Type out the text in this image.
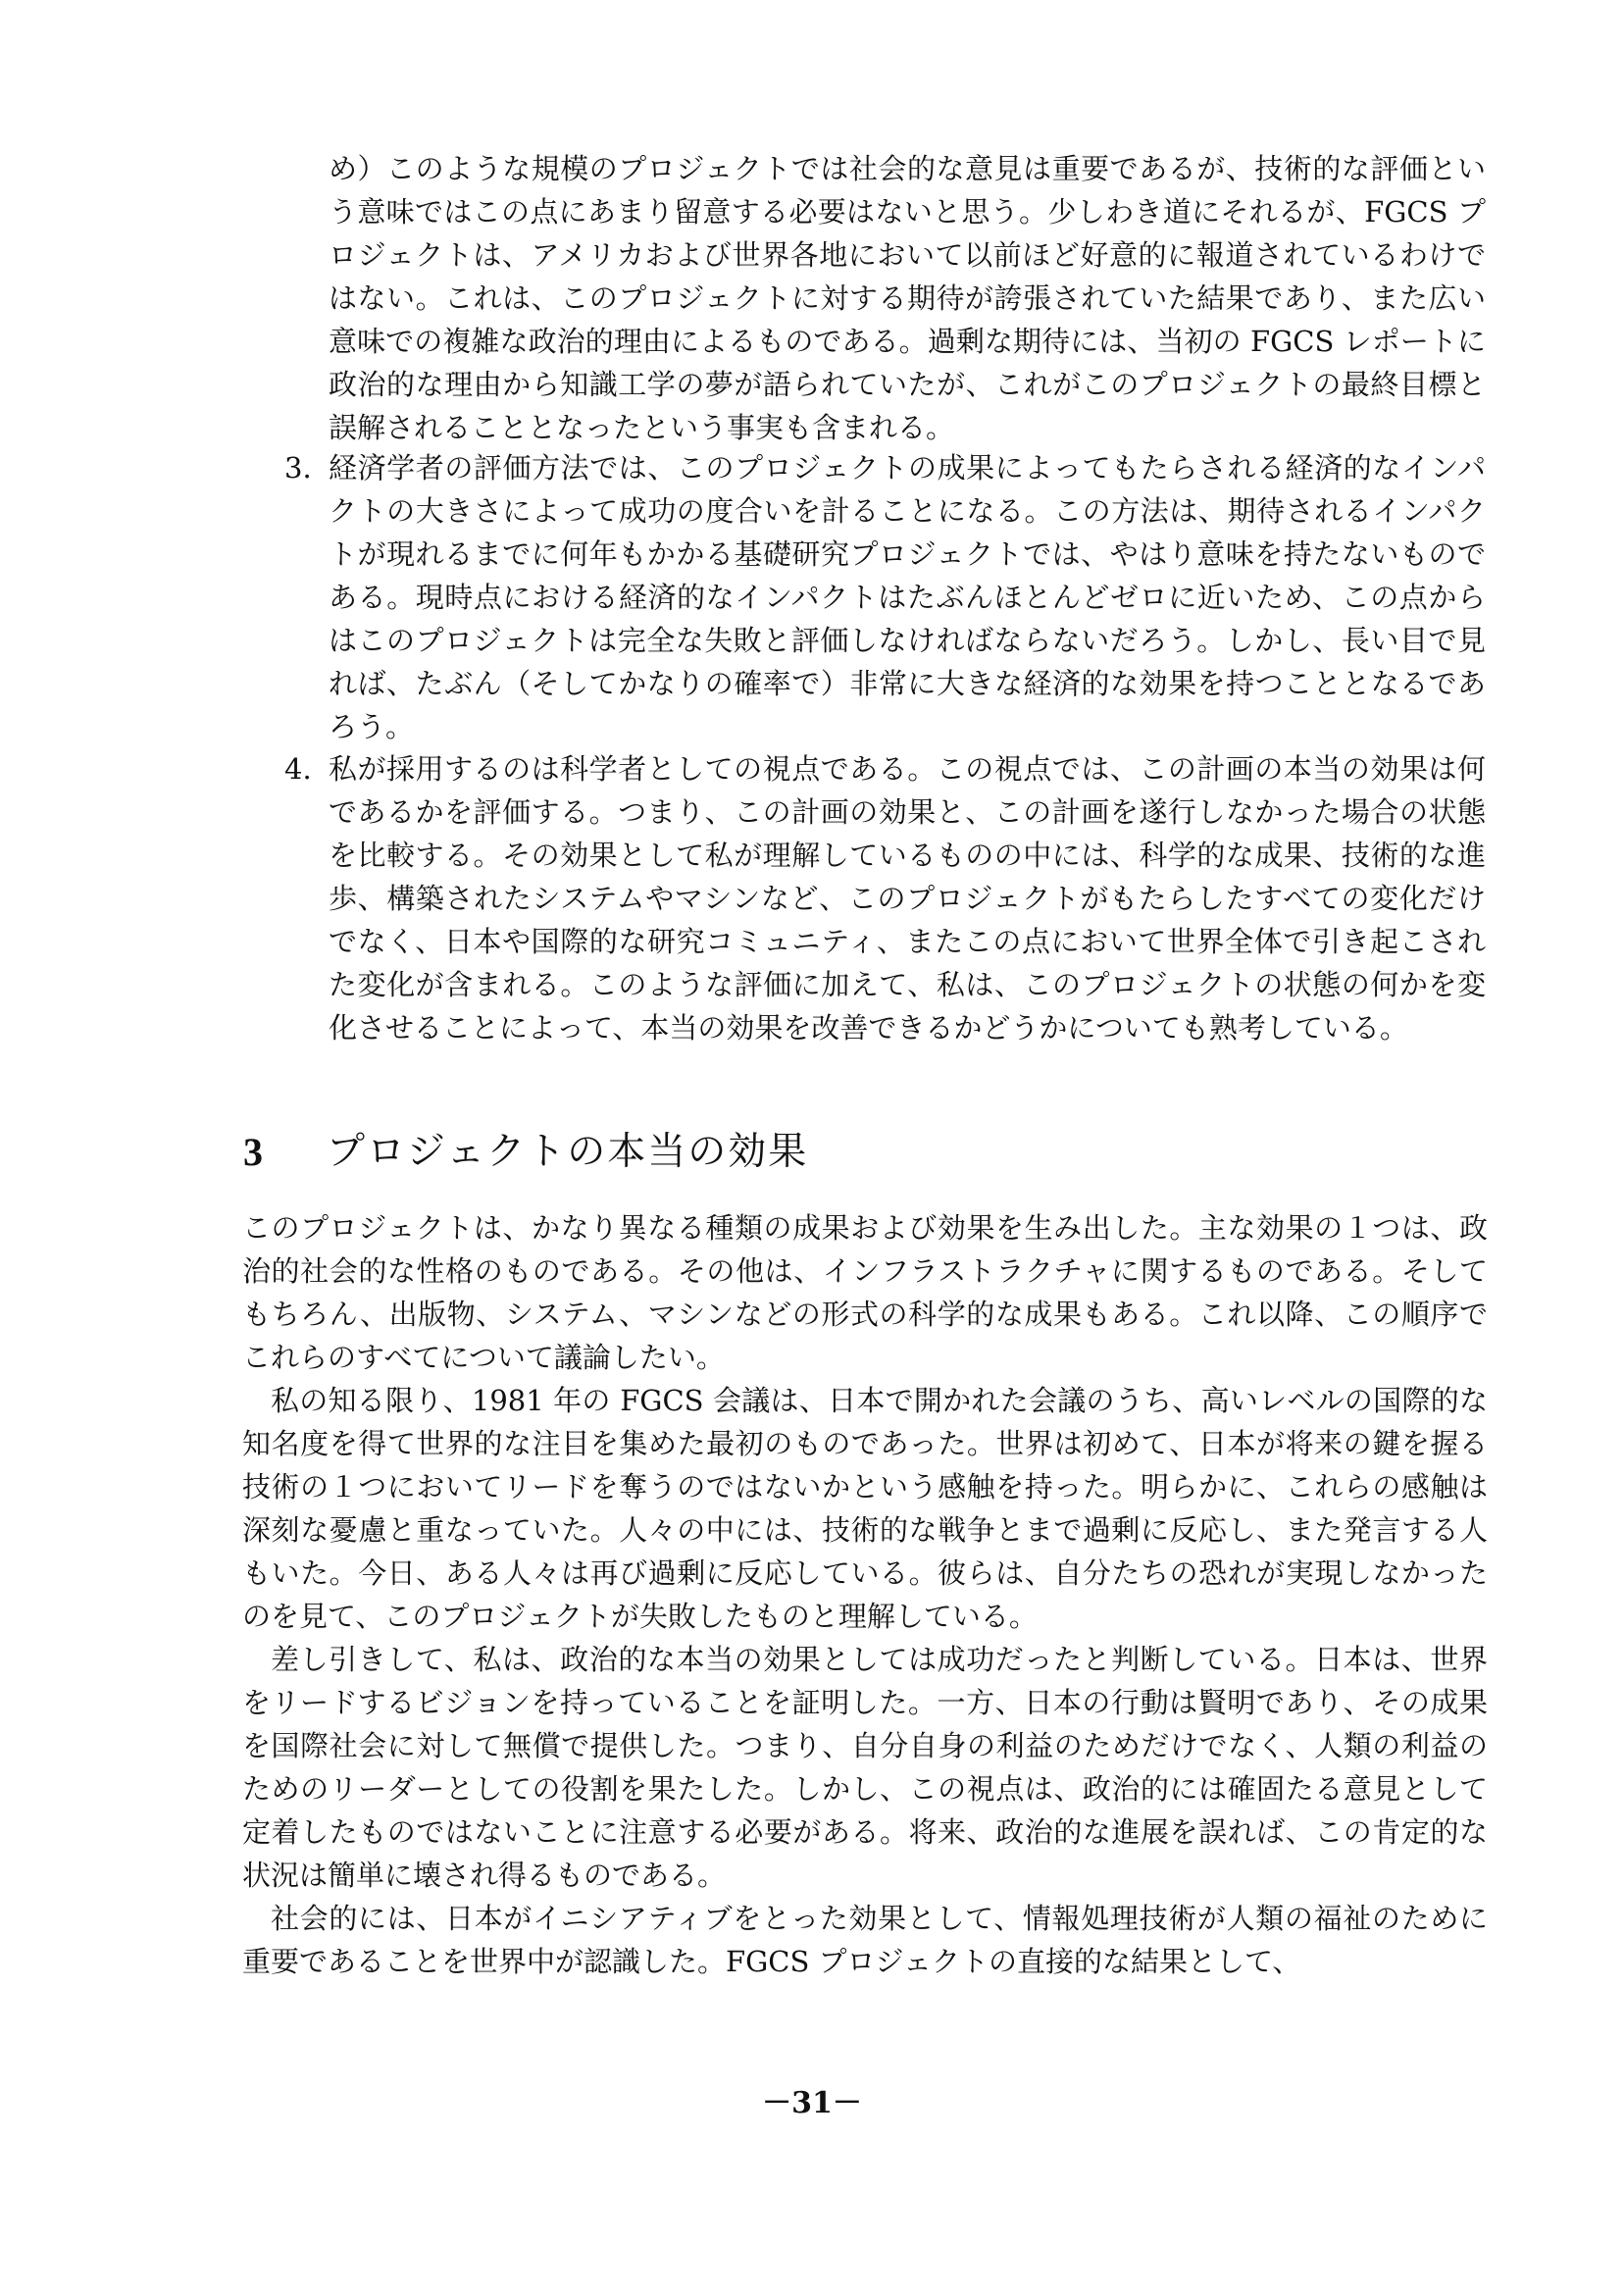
め）このような規模のプロジェクトでは社会的な意見は重要であるが、技術的な評価という意味ではこの点にあまり留意する必要はないと思う。少しわき道にそれるが、FGCS プロジェクトは、アメリカおよび世界各地において以前ほど好意的に報道されているわけではない。これは、このプロジェクトに対する期待が誇張されていた結果であり、また広い意味での複雑な政治的理由によるものである。過剰な期待には、当初の FGCS レポートに政治的な理由から知識工学の夢が語られていたが、これがこのプロジェクトの最終目標と誤解されることとなったという事実も含まれる。
3. 経済学者の評価方法では、このプロジェクトの成果によってもたらされる経済的なインパクトの大きさによって成功の度合いを計ることになる。この方法は、期待されるインパクトが現れるまでに何年もかかる基礎研究プロジェクトでは、やはり意味を持たないものである。現時点における経済的なインパクトはたぶんほとんどゼロに近いため、この点からはこのプロジェクトは完全な失敗と評価しなければならないだろう。しかし、長い目で見れば、たぶん（そしてかなりの確率で）非常に大きな経済的な効果を持つこととなるであろう。
4. 私が採用するのは科学者としての視点である。この視点では、この計画の本当の効果は何であるかを評価する。つまり、この計画の効果と、この計画を遂行しなかった場合の状態を比較する。その効果として私が理解しているものの中には、科学的な成果、技術的な進歩、構築されたシステムやマシンなど、このプロジェクトがもたらしたすべての変化だけでなく、日本や国際的な研究コミュニティ、またこの点において世界全体で引き起こされた変化が含まれる。このような評価に加えて、私は、このプロジェクトの状態の何かを変化させることによって、本当の効果を改善できるかどうかについても熟考している。
3	プロジェクトの本当の効果

このプロジェクトは、かなり異なる種類の成果および効果を生み出した。主な効果の１つは、政治的社会的な性格のものである。その他は、インフラストラクチャに関するものである。そしてもちろん、出版物、システム、マシンなどの形式の科学的な成果もある。これ以降、この順序でこれらのすべてについて議論したい。

私の知る限り、1981 年の FGCS 会議は、日本で開かれた会議のうち、高いレベルの国際的な知名度を得て世界的な注目を集めた最初のものであった。世界は初めて、日本が将来の鍵を握る技術の１つにおいてリードを奪うのではないかという感触を持った。明らかに、これらの感触は深刻な憂慮と重なっていた。人々の中には、技術的な戦争とまで過剰に反応し、また発言する人もいた。今日、ある人々は再び過剰に反応している。彼らは、自分たちの恐れが実現しなかったのを見て、このプロジェクトが失敗したものと理解している。

差し引きして、私は、政治的な本当の効果としては成功だったと判断している。日本は、世界をリードするビジョンを持っていることを証明した。一方、日本の行動は賢明であり、その成果を国際社会に対して無償で提供した。つまり、自分自身の利益のためだけでなく、人類の利益のためのリーダーとしての役割を果たした。しかし、この視点は、政治的には確固たる意見として定着したものではないことに注意する必要がある。将来、政治的な進展を誤れば、この肯定的な状況は簡単に壊され得るものである。

社会的には、日本がイニシアティブをとった効果として、情報処理技術が人類の福祉のために重要であることを世界中が認識した。FGCS プロジェクトの直接的な結果として、

－31－
